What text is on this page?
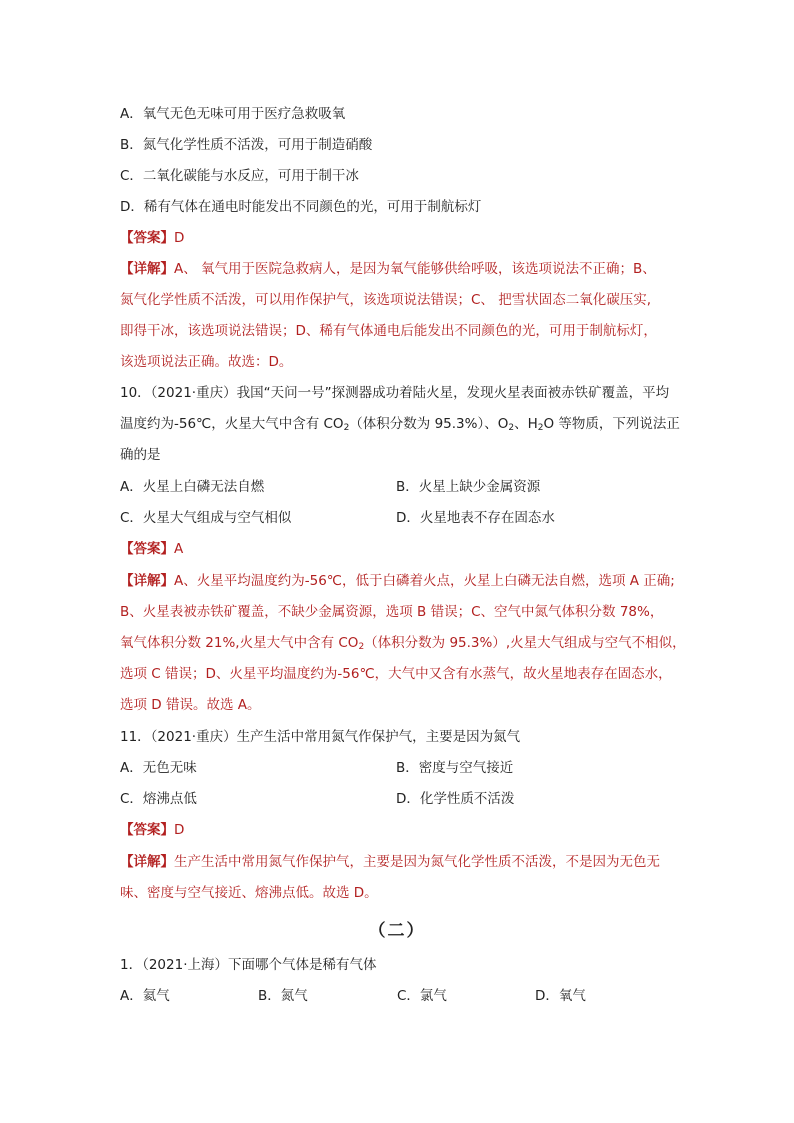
A．氧气无色无味可用于医疗急救吸氧
B．氮气化学性质不活泼，可用于制造硝酸
C．二氧化碳能与水反应，可用于制干冰
D．稀有气体在通电时能发出不同颜色的光，可用于制航标灯
【答案】D
【详解】A、 氧气用于医院急救病人，是因为氧气能够供给呼吸，该选项说法不正确；B、
氮气化学性质不活泼，可以用作保护气，该选项说法错误；C、 把雪状固态二氧化碳压实,
即得干冰，该选项说法错误；D、稀有气体通电后能发出不同颜色的光，可用于制航标灯，
该选项说法正确。故选：D。
10．（2021·重庆）我国“天问一号”探测器成功着陆火星，发现火星表面被赤铁矿覆盖，平均
温度约为-56℃，火星大气中含有 $CO_2$（体积分数为 95.3%）、$O_2$、$H_2O$ 等物质，下列说法正
确的是
A．火星上白磷无法自燃	B．火星上缺少金属资源
C．火星大气组成与空气相似	D．火星地表不存在固态水
【答案】A
【详解】A、火星平均温度约为-56℃，低于白磷着火点，火星上白磷无法自燃，选项 A 正确;
B、火星表被赤铁矿覆盖，不缺少金属资源，选项 B 错误；C、空气中氮气体积分数 78%，
氧气体积分数 21%,火星大气中含有 $CO_2$（体积分数为 95.3%）,火星大气组成与空气不相似，
选项 C 错误；D、火星平均温度约为-56℃，大气中又含有水蒸气，故火星地表存在固态水，
选项 D 错误。故选 A。
11．（2021·重庆）生产生活中常用氮气作保护气，主要是因为氮气
A．无色无味	B．密度与空气接近
C．熔沸点低	D．化学性质不活泼
【答案】D
【详解】生产生活中常用氮气作保护气，主要是因为氮气化学性质不活泼，不是因为无色无
味、密度与空气接近、熔沸点低。故选 D。
（二）
1．（2021·上海）下面哪个气体是稀有气体
A．氦气	B．氮气	C．氯气	D．氧气
